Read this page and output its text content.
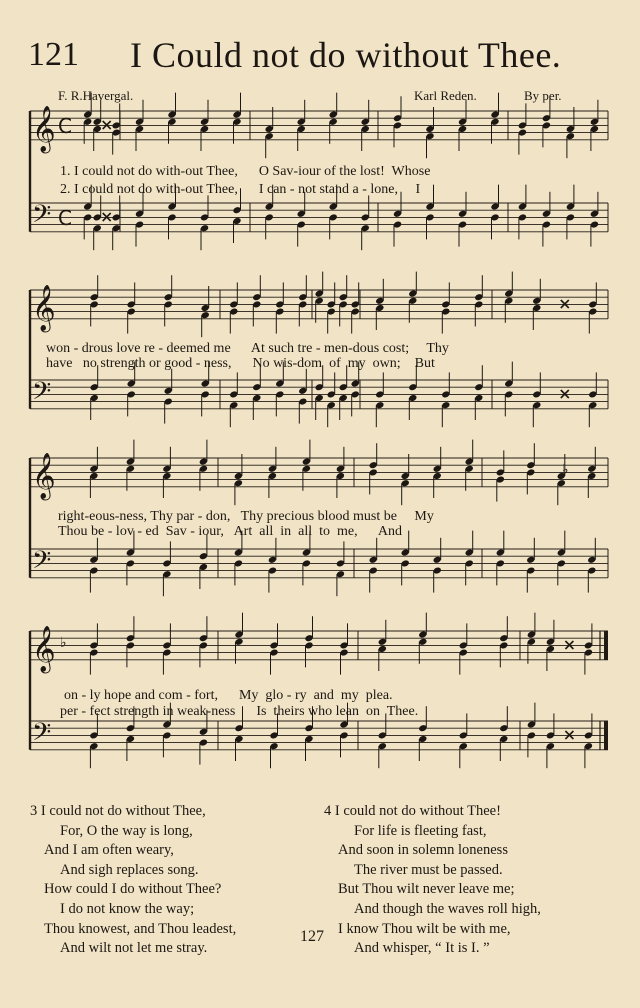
121 I Could not do without Thee.
F. R.Havergal.	Karl Reden.	By per.
𝄞
𝄢
C
C
𝄞
𝄢
𝄞
𝄢
♭
𝄞
𝄢
♭
1. I could not do with-out Thee,      O Sav-iour of the lost!  Whose
2. I could not do with-out Thee,      I can - not stand a - lone,     I
won - drous love re - deemed me      At such tre - men-dous cost;     Thy
have   no strength or good - ness,      No wis-dom  of  my  own;    But
right-eous-ness, Thy par - don,   Thy precious blood must be     My
Thou be - lov - ed  Sav - iour,   Art  all  in  all  to  me,      And
on - ly hope and com - fort,      My  glo - ry  and  my  plea.
per - fect strength in weak-ness      Is  theirs who lean  on  Thee.
3 I could not do without Thee,
For, O the way is long,
And I am often weary,
And sigh replaces song.
How could I do without Thee?
I do not know the way;
Thou knowest, and Thou leadest,
And wilt not let me stray.
4 I could not do without Thee!
For life is fleeting fast,
And soon in solemn loneness
The river must be passed.
But Thou wilt never leave me;
And though the waves roll high,
I know Thou wilt be with me,
And whisper, “ It is I. ”
127
